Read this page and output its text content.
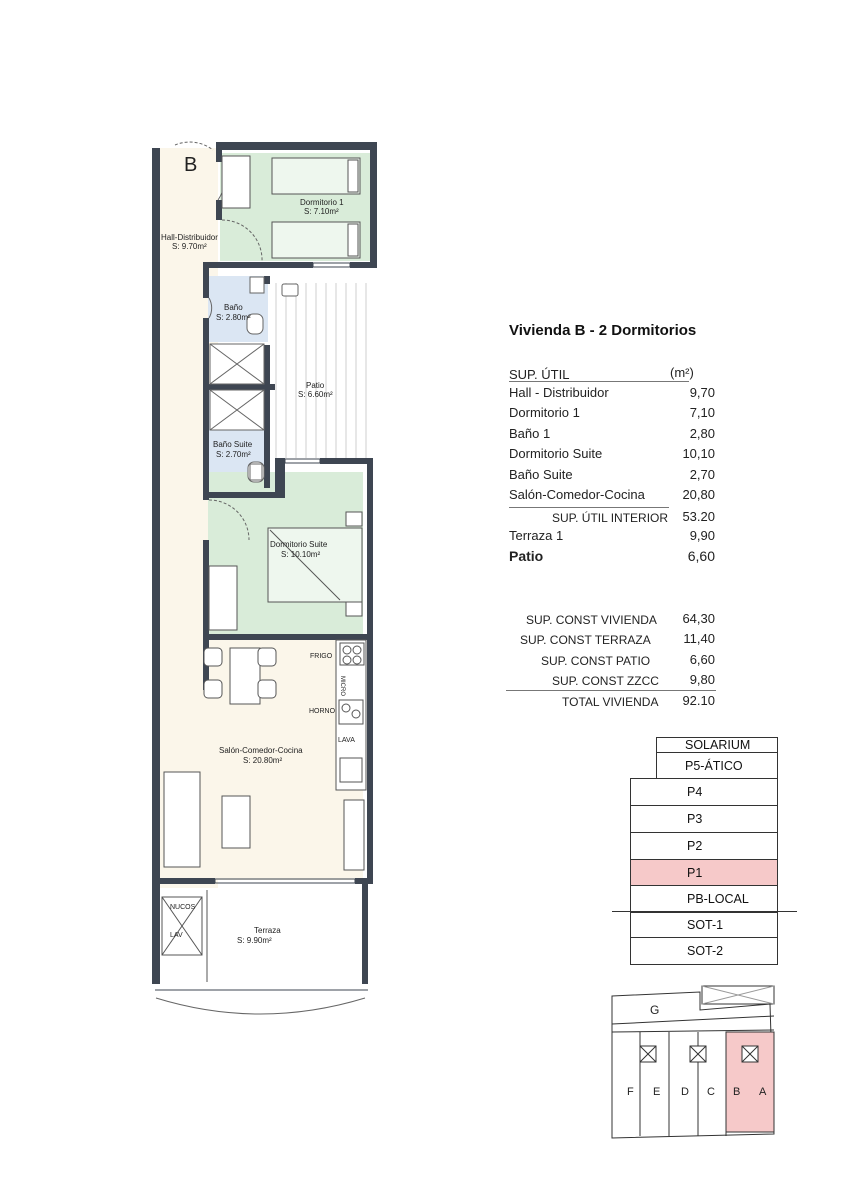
B
Hall-Distribuidor
S: 9.70m²
Dormitorio 1
S: 7.10m²
Baño
S: 2.80m²
Patio
S: 6.60m²
Baño Suite
S: 2.70m²
Dormitorio Suite
S: 10.10m²
Salón-Comedor-Cocina
S: 20.80m²
Terraza
S: 9.90m²
FRIGO
MICRO
HORNO
LAVA
NUCOS
LAV
Vivienda B - 2 Dormitorios
SUP. ÚTIL	(m²)
Hall - Distribuidor	9,70
Dormitorio 1	7,10
Baño 1	2,80
Dormitorio Suite	10,10
Baño Suite	2,70
Salón-Comedor-Cocina	20,80
SUP. ÚTIL INTERIOR	53.20
Terraza 1	9,90
Patio	6,60
SUP. CONST VIVIENDA	64,30
SUP. CONST TERRAZA	11,40
SUP. CONST PATIO	6,60
SUP. CONST ZZCC	9,80
TOTAL VIVIENDA	92.10
SOLARIUM
P5-ÁTICO
P4
P3
P2
P1
PB-LOCAL
SOT-1
SOT-2
G
F E D C B A
